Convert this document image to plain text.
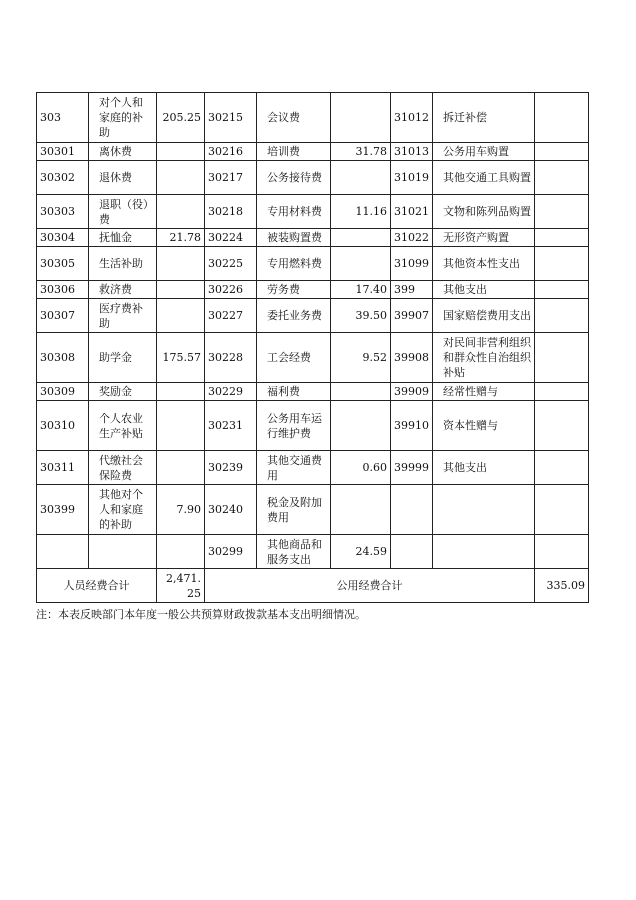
303	对个人和家庭的补助	205.25	30215	会议费		31012	拆迁补偿	
30301	离休费		30216	培训费	31.78	31013	公务用车购置	
30302	退休费		30217	公务接待费		31019	其他交通工具购置	
30303	退职（役）费		30218	专用材料费	11.16	31021	文物和陈列品购置	
30304	抚恤金	21.78	30224	被装购置费		31022	无形资产购置	
30305	生活补助		30225	专用燃料费		31099	其他资本性支出	
30306	救济费		30226	劳务费	17.40	399	其他支出	
30307	医疗费补助		30227	委托业务费	39.50	39907	国家赔偿费用支出	
30308	助学金	175.57	30228	工会经费	9.52	39908	对民间非营利组织和群众性自治组织补贴	
30309	奖励金		30229	福利费		39909	经常性赠与	
30310	个人农业生产补贴		30231	公务用车运行维护费		39910	资本性赠与	
30311	代缴社会保险费		30239	其他交通费用	0.60	39999	其他支出	
30399	其他对个人和家庭的补助	7.90	30240	税金及附加费用				
			30299	其他商品和服务支出	24.59			
人员经费合计		2,471.25	公用经费合计					335.09
注：本表反映部门本年度一般公共预算财政拨款基本支出明细情况。
